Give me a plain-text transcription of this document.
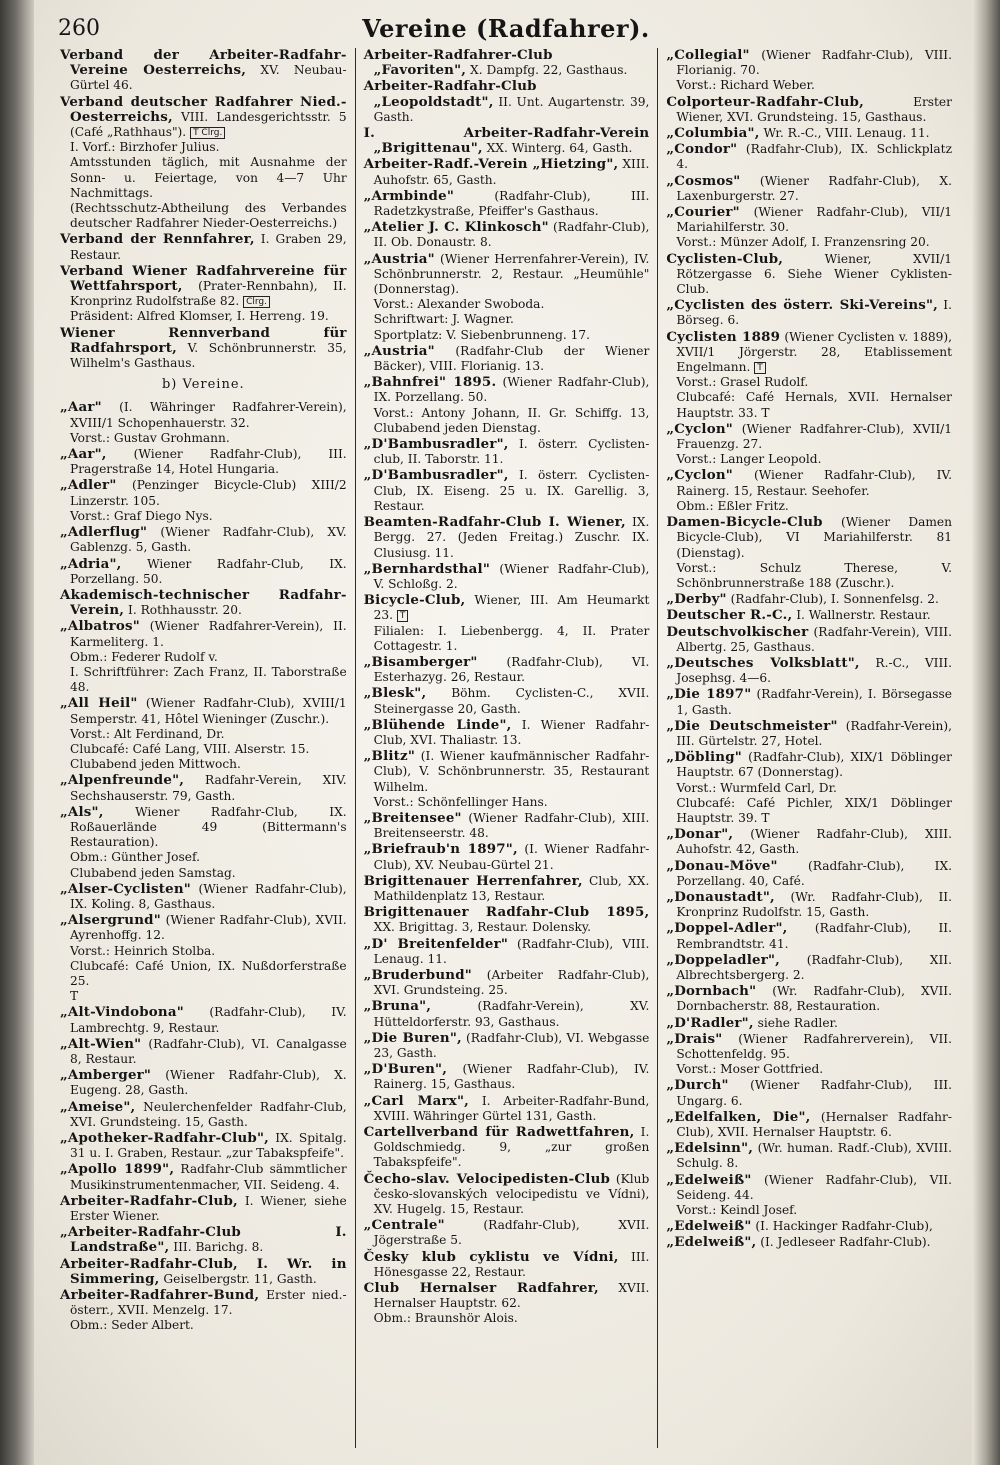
260	Vereine (Radfahrer).
Verband der Arbeiter-Radfahr-Vereine Oesterreichs, XV. Neubau-Gürtel 46.
Verband deutscher Radfahrer Nied.-Oesterreichs, VIII. Landesgerichtsstr. 5 (Café „Rathhaus"). T Clrg.
I. Vorf.: Birzhofer Julius.
Amtsstunden täglich, mit Ausnahme der Sonn- u. Feiertage, von 4—7 Uhr Nachmittags.
(Rechtsschutz-Abtheilung des Verbandes deutscher Radfahrer Nieder-Oesterreichs.)
Verband der Rennfahrer, I. Graben 29, Restaur.
Verband Wiener Radfahrvereine für Wettfahrsport, (Prater-Rennbahn), II. Kronprinz Rudolfstraße 82. Clrg.
Präsident: Alfred Klomser, I. Herreng. 19.
Wiener Rennverband für Radfahrsport, V. Schönbrunnerstr. 35, Wilhelm's Gasthaus.
b) Vereine.
„Aar" (I. Währinger Radfahrer-Verein), XVIII/1 Schopenhauerstr. 32.
Vorst.: Gustav Grohmann.
„Aar", (Wiener Radfahr-Club), III. Pragerstraße 14, Hotel Hungaria.
„Adler" (Penzinger Bicycle-Club) XIII/2 Linzerstr. 105.
Vorst.: Graf Diego Nys.
„Adlerflug" (Wiener Radfahr-Club), XV. Gablenzg. 5, Gasth.
„Adria", Wiener Radfahr-Club, IX. Porzellang. 50.
Akademisch-technischer Radfahr-Verein, I. Rothhausstr. 20.
„Albatros" (Wiener Radfahrer-Verein), II. Karmeliterg. 1.
Obm.: Federer Rudolf v.
I. Schriftführer: Zach Franz, II. Taborstraße 48.
„All Heil" (Wiener Radfahr-Club), XVIII/1 Semperstr. 41, Hôtel Wieninger (Zuschr.).
Vorst.: Alt Ferdinand, Dr.
Clubcafé: Café Lang, VIII. Alserstr. 15.
Clubabend jeden Mittwoch.
„Alpenfreunde", Radfahr-Verein, XIV. Sechshauserstr. 79, Gasth.
„Als",	Wiener Radfahr-Club, IX. Roßauerlände 49 (Bittermann's Restauration).
Obm.: Günther Josef.
Clubabend jeden Samstag.
„Alser-Cyclisten" (Wiener Radfahr-Club), IX. Koling. 8, Gasthaus.
„Alsergrund" (Wiener Radfahr-Club), XVII. Ayrenhoffg. 12.
Vorst.: Heinrich Stolba.
Clubcafé: Café Union, IX. Nußdorferstraße 25.
T
„Alt-Vindobona" (Radfahr-Club), IV. Lambrechtg. 9, Restaur.
„Alt-Wien" (Radfahr-Club), VI. Canalgasse 8, Restaur.
„Amberger" (Wiener Radfahr-Club), X. Eugeng. 28, Gasth.
„Ameise", Neulerchenfelder Radfahr-Club, XVI. Grundsteing. 15, Gasth.
„Apotheker-Radfahr-Club", IX. Spitalg. 31 u. I. Graben, Restaur. „zur Tabakspfeife".
„Apollo 1899", Radfahr-Club sämmtlicher Musikinstrumentenmacher, VII. Seideng. 4.
Arbeiter-Radfahr-Club, I. Wiener, siehe Erster Wiener.
„Arbeiter-Radfahr-Club I. Landstraße", III. Barichg. 8.
Arbeiter-Radfahr-Club, I. Wr. in Simmering, Geiselbergstr. 11, Gasth.
Arbeiter-Radfahrer-Bund, Erster nied.-österr., XVII. Menzelg. 17.
Obm.: Seder Albert.
Arbeiter-Radfahrer-Club „Favoriten", X. Dampfg. 22, Gasthaus.
Arbeiter-Radfahr-Club „Leopoldstadt", II. Unt. Augartenstr. 39, Gasth.
I. Arbeiter-Radfahr-Verein „Brigittenau", XX. Winterg. 64, Gasth.
Arbeiter-Radf.-Verein „Hietzing", XIII. Auhofstr. 65, Gasth.
„Armbinde"	(Radfahr-Club), III. Radetzkystraße, Pfeiffer's Gasthaus.
„Atelier J. C. Klinkosch" (Radfahr-Club), II. Ob. Donaustr. 8.
„Austria" (Wiener Herrenfahrer-Verein), IV. Schönbrunnerstr. 2, Restaur. „Heumühle" (Donnerstag).
Vorst.: Alexander Swoboda.
Schriftwart: J. Wagner.
Sportplatz: V. Siebenbrunneng. 17.
„Austria" (Radfahr-Club der Wiener Bäcker), VIII. Florianig. 13.
„Bahnfrei" 1895. (Wiener Radfahr-Club), IX. Porzellang. 50.
Vorst.: Antony Johann, II. Gr. Schiffg. 13, Clubabend jeden Dienstag.
„D'Bambusradler", I. österr. Cyclisten-club, II. Taborstr. 11.
„D'Bambusradler", I. österr. Cyclisten-Club, IX. Eiseng. 25 u. IX. Garellig. 3, Restaur.
Beamten-Radfahr-Club I. Wiener, IX. Bergg. 27. (Jeden Freitag.) Zuschr. IX. Clusiusg. 11.
„Bernhardsthal" (Wiener Radfahr-Club), V. Schloßg. 2.
Bicycle-Club, Wiener, III. Am Heumarkt 23. T
Filialen: I. Liebenbergg. 4, II. Prater Cottagestr. 1.
„Bisamberger" (Radfahr-Club), VI. Esterhazyg. 26, Restaur.
„Blesk", Böhm. Cyclisten-C., XVII. Steinergasse 20, Gasth.
„Blühende Linde", I. Wiener Radfahr-Club, XVI. Thaliastr. 13.
„Blitz" (I. Wiener kaufmännischer Radfahr-Club), V. Schönbrunnerstr. 35, Restaurant Wilhelm.
Vorst.: Schönfellinger Hans.
„Breitensee" (Wiener Radfahr-Club), XIII. Breitenseerstr. 48.
„Briefraub'n 1897", (I. Wiener Radfahr-Club), XV. Neubau-Gürtel 21.
Brigittenauer Herrenfahrer, Club, XX. Mathildenplatz 13, Restaur.
Brigittenauer Radfahr-Club 1895, XX. Brigittag. 3, Restaur. Dolensky.
„D' Breitenfelder" (Radfahr-Club), VIII. Lenaug. 11.
„Bruderbund" (Arbeiter Radfahr-Club), XVI. Grundsteing. 25.
„Bruna",	(Radfahr-Verein), XV. Hütteldorferstr. 93, Gasthaus.
„Die Buren", (Radfahr-Club), VI. Webgasse 23, Gasth.
„D'Buren", (Wiener Radfahr-Club), IV. Rainerg. 15, Gasthaus.
„Carl Marx", I. Arbeiter-Radfahr-Bund, XVIII. Währinger Gürtel 131, Gasth.
Cartellverband für Radwettfahren, I. Goldschmiedg. 9, „zur großen Tabakspfeife".
Čecho-slav. Velocipedisten-Club (Klub česko-slovanských velocipedistu ve Vídni), XV. Hugelg. 15, Restaur.
„Centrale"	(Radfahr-Club), XVII. Jögerstraße 5.
Česky klub cyklistu ve Vídni, III. Hönesgasse 22, Restaur.
Club Hernalser Radfahrer, XVII. Hernalser Hauptstr. 62.
Obm.: Braunshör Alois.
„Collegial" (Wiener Radfahr-Club), VIII. Florianig. 70.
Vorst.: Richard Weber.
Colporteur-Radfahr-Club,	Erster Wiener, XVI. Grundsteing. 15, Gasthaus.
„Columbia", Wr. R.-C., VIII. Lenaug. 11.
„Condor" (Radfahr-Club), IX. Schlickplatz 4.
„Cosmos" (Wiener Radfahr-Club), X. Laxenburgerstr. 27.
„Courier" (Wiener Radfahr-Club), VII/1 Mariahilferstr. 30.
Vorst.: Münzer Adolf, I. Franzensring 20.
Cyclisten-Club,	Wiener, XVII/1 Rötzergasse 6. Siehe Wiener Cyklisten-Club.
„Cyclisten des österr. Ski-Vereins", I. Börseg. 6.
Cyclisten 1889 (Wiener Cyclisten v. 1889), XVII/1 Jörgerstr. 28, Etablissement Engelmann. T
Vorst.: Grasel Rudolf.
Clubcafé: Café Hernals, XVII. Hernalser Hauptstr. 33. T
„Cyclon" (Wiener Radfahrer-Club), XVII/1 Frauenzg. 27.
Vorst.: Langer Leopold.
„Cyclon" (Wiener Radfahr-Club), IV. Rainerg. 15, Restaur. Seehofer.
Obm.: Eßler Fritz.
Damen-Bicycle-Club (Wiener Damen Bicycle-Club), VI Mariahilferstr. 81 (Dienstag).
Vorst.: Schulz Therese, V. Schönbrunnerstraße 188 (Zuschr.).
„Derby" (Radfahr-Club), I. Sonnenfelsg. 2.
Deutscher R.-C., I. Wallnerstr. Restaur.
Deutschvolkischer (Radfahr-Verein), VIII. Albertg. 25, Gasthaus.
„Deutsches Volksblatt", R.-C., VIII. Josephsg. 4—6.
„Die 1897" (Radfahr-Verein), I. Börsegasse 1, Gasth.
„Die Deutschmeister" (Radfahr-Verein), III. Gürtelstr. 27, Hotel.
„Döbling" (Radfahr-Club), XIX/1 Döblinger Hauptstr. 67 (Donnerstag).
Vorst.: Wurmfeld Carl, Dr.
Clubcafé: Café Pichler, XIX/1 Döblinger Hauptstr. 39. T
„Donar", (Wiener Radfahr-Club), XIII. Auhofstr. 42, Gasth.
„Donau-Möve" (Radfahr-Club), IX. Porzellang. 40, Café.
„Donaustadt", (Wr. Radfahr-Club), II. Kronprinz Rudolfstr. 15, Gasth.
„Doppel-Adler", (Radfahr-Club), II. Rembrandtstr. 41.
„Doppeladler", (Radfahr-Club), XII. Albrechtsbergerg. 2.
„Dornbach" (Wr. Radfahr-Club), XVII. Dornbacherstr. 88, Restauration.
„D'Radler", siehe Radler.
„Drais" (Wiener Radfahrerverein), VII. Schottenfeldg. 95.
Vorst.: Moser Gottfried.
„Durch" (Wiener Radfahr-Club), III. Ungarg. 6.
„Edelfalken, Die", (Hernalser Radfahr-Club), XVII. Hernalser Hauptstr. 6.
„Edelsinn", (Wr. human. Radf.-Club), XVIII. Schulg. 8.
„Edelweiß" (Wiener Radfahr-Club), VII. Seideng. 44.
Vorst.: Keindl Josef.
„Edelweiß" (I. Hackinger Radfahr-Club),
„Edelweiß", (I. Jedleseer Radfahr-Club).
